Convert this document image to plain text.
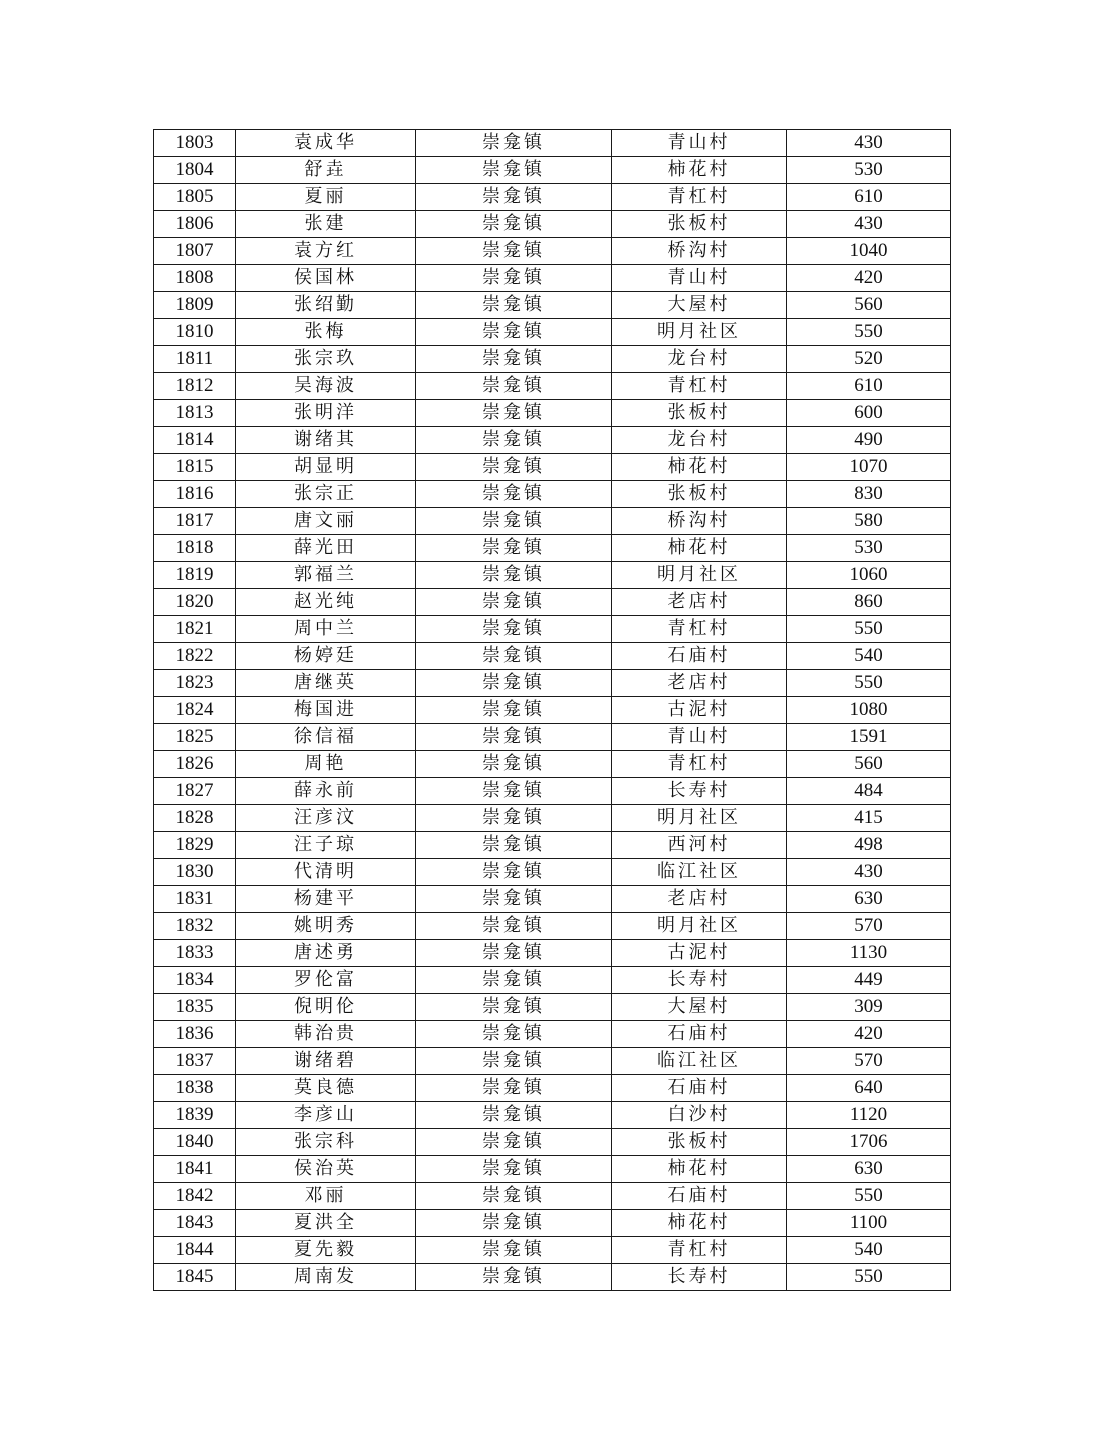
1803	袁成华	崇龛镇	青山村	430
1804	舒垚	崇龛镇	柿花村	530
1805	夏丽	崇龛镇	青杠村	610
1806	张建	崇龛镇	张板村	430
1807	袁方红	崇龛镇	桥沟村	1040
1808	侯国林	崇龛镇	青山村	420
1809	张绍勤	崇龛镇	大屋村	560
1810	张梅	崇龛镇	明月社区	550
1811	张宗玖	崇龛镇	龙台村	520
1812	吴海波	崇龛镇	青杠村	610
1813	张明洋	崇龛镇	张板村	600
1814	谢绪其	崇龛镇	龙台村	490
1815	胡显明	崇龛镇	柿花村	1070
1816	张宗正	崇龛镇	张板村	830
1817	唐文丽	崇龛镇	桥沟村	580
1818	薛光田	崇龛镇	柿花村	530
1819	郭福兰	崇龛镇	明月社区	1060
1820	赵光纯	崇龛镇	老店村	860
1821	周中兰	崇龛镇	青杠村	550
1822	杨婷廷	崇龛镇	石庙村	540
1823	唐继英	崇龛镇	老店村	550
1824	梅国进	崇龛镇	古泥村	1080
1825	徐信福	崇龛镇	青山村	1591
1826	周艳	崇龛镇	青杠村	560
1827	薛永前	崇龛镇	长寿村	484
1828	汪彦汶	崇龛镇	明月社区	415
1829	汪子琼	崇龛镇	西河村	498
1830	代清明	崇龛镇	临江社区	430
1831	杨建平	崇龛镇	老店村	630
1832	姚明秀	崇龛镇	明月社区	570
1833	唐述勇	崇龛镇	古泥村	1130
1834	罗伦富	崇龛镇	长寿村	449
1835	倪明伦	崇龛镇	大屋村	309
1836	韩治贵	崇龛镇	石庙村	420
1837	谢绪碧	崇龛镇	临江社区	570
1838	莫良德	崇龛镇	石庙村	640
1839	李彦山	崇龛镇	白沙村	1120
1840	张宗科	崇龛镇	张板村	1706
1841	侯治英	崇龛镇	柿花村	630
1842	邓丽	崇龛镇	石庙村	550
1843	夏洪全	崇龛镇	柿花村	1100
1844	夏先毅	崇龛镇	青杠村	540
1845	周南发	崇龛镇	长寿村	550
